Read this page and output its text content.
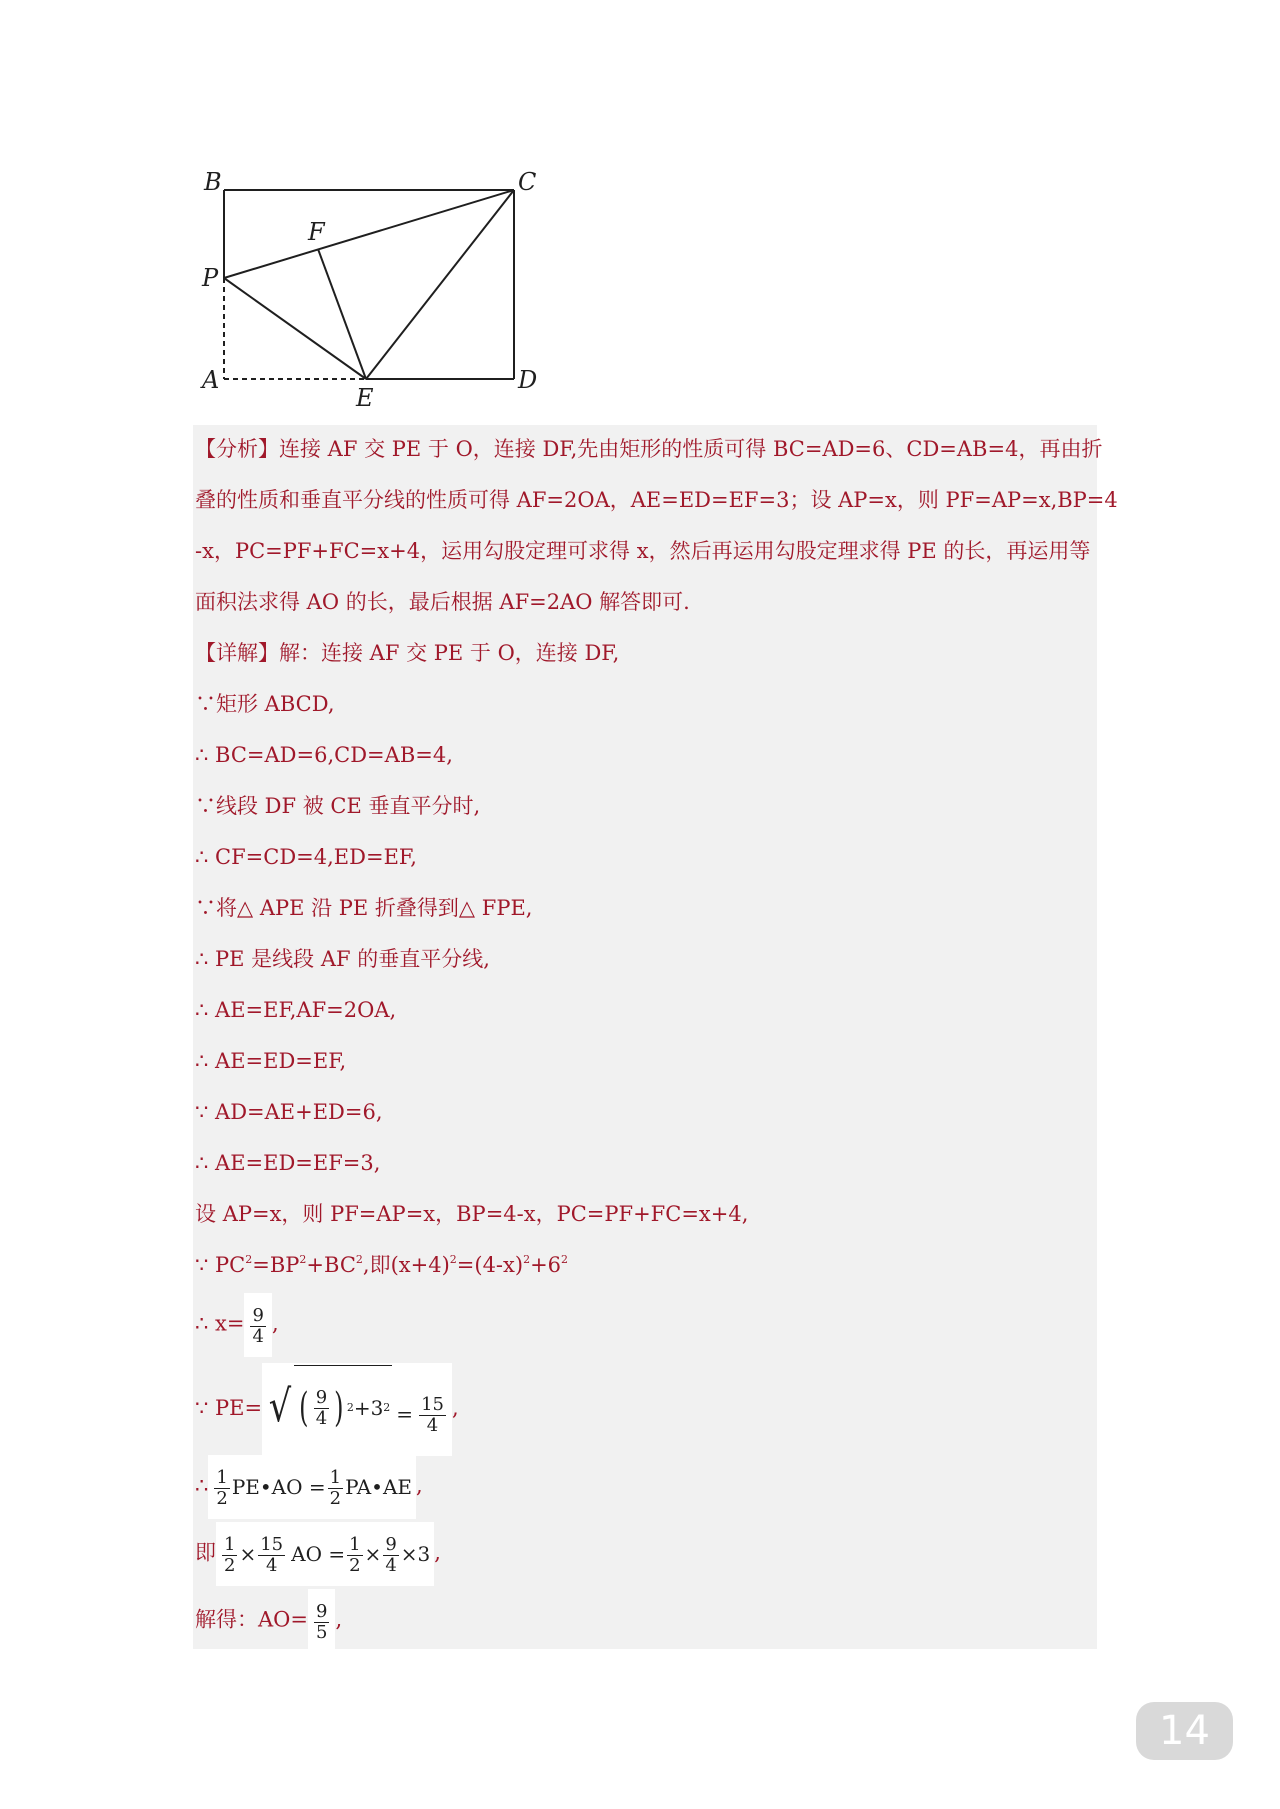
B	C
P
F
A	D
E
【分析】连接 AF 交 PE 于 O，连接 DF,先由矩形的性质可得 BC=AD=6、CD=AB=4，再由折
叠的性质和垂直平分线的性质可得 AF=2OA，AE=ED=EF=3；设 AP=x，则 PF=AP=x,BP=4
-x，PC=PF+FC=x+4，运用勾股定理可求得 x，然后再运用勾股定理求得 PE 的长，再运用等
面积法求得 AO 的长，最后根据 AF=2AO 解答即可.
【详解】解：连接 AF 交 PE 于 O，连接 DF,
∵矩形 ABCD,
∴ BC=AD=6,CD=AB=4,
∵线段 DF 被 CE 垂直平分时,
∴ CF=CD=4,ED=EF,
∵将△ APE 沿 PE 折叠得到△ FPE,
∴ PE 是线段 AF 的垂直平分线,
∴ AE=EF,AF=2OA,
∴ AE=ED=EF,
∵ AD=AE+ED=6,
∴ AE=ED=EF=3,
设 AP=x，则 PF=AP=x，BP=4-x，PC=PF+FC=x+4,
∵ $PC^2=BP^2+BC^2$,即$(x+4)^2=(4-x)^2+6^2$
∴ $x= \frac{9}{4}$ ,
∵ PE= √ ( $\frac{9}{4}$ ) 2 +3 $2 = \frac{15}{4}$ ,
∴ $\frac{1}{2}$ PE•AO = $\frac{1}{2}$ PA•AE ,
即 $\frac{1}{2} \times \frac{15}{4}$ AO = $\frac{1}{2} \times \frac{9}{4} \times 3$ ,
解得：$AO= \frac{9}{5}$ ,
14
